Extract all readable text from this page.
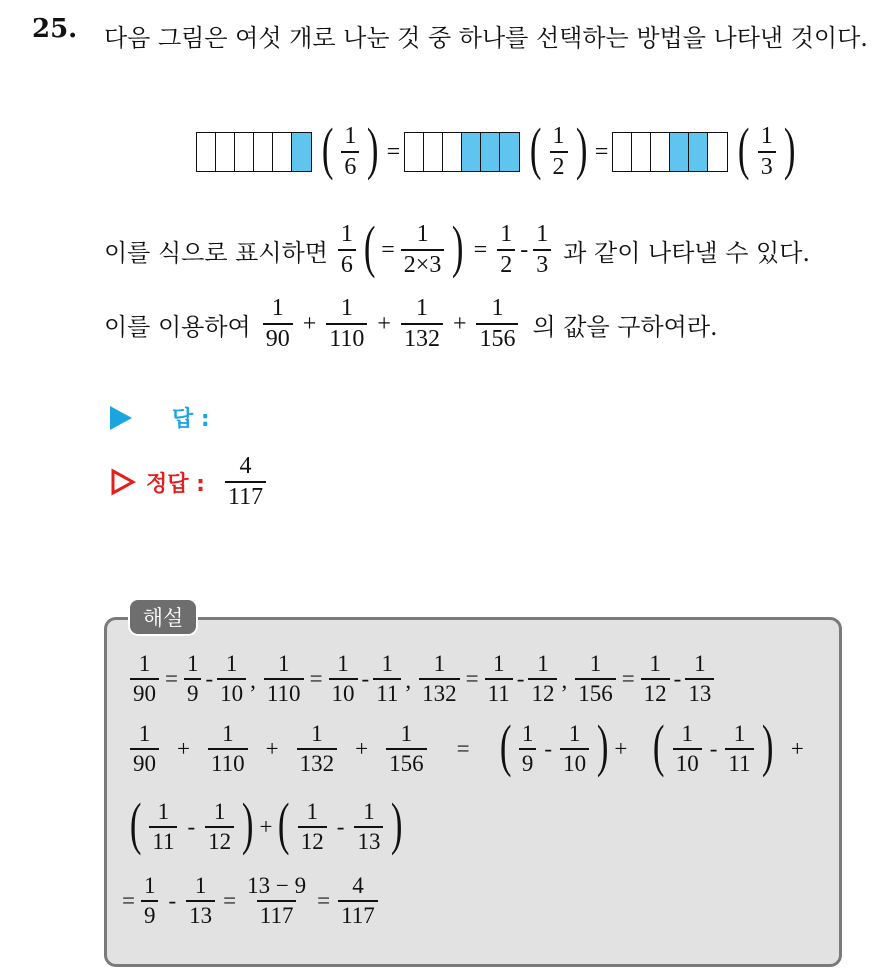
25. 다음 그림은 여섯 개로 나눈 것 중 하나를 선택하는 방법을 나타낸 것이다.
( $\frac{1}{6}$ ) = ( $\frac{1}{2}$ ) = ( $\frac{1}{3}$ )
이를 식으로 표시하면 $\frac{1}{6}$ ( = $\frac{1}{2\times 3}$ ) = $\frac{1}{2} - \frac{1}{3}$ 과 같이 나타낼 수 있다.
이를 이용하여 $\frac{1}{90} + \frac{1}{110} + \frac{1}{132} + \frac{1}{156}$ 의 값을 구하여라.
답 :
정답 : $\frac{4}{117}$
해설
$\frac{1}{90} = \frac{1}{9} - \frac{1}{10}$ , $\frac{1}{110} = \frac{1}{10} - \frac{1}{11}$ , $\frac{1}{132} = \frac{1}{11} - \frac{1}{12}$ , $\frac{1}{156} = \frac{1}{12} - \frac{1}{13}$
$\frac{1}{90} + \frac{1}{110} + \frac{1}{132} + \frac{1}{156}$ = ( $\frac{1}{9} - \frac{1}{10}$ ) + ( $\frac{1}{10} - \frac{1}{11}$ ) +
( $\frac{1}{11} - \frac{1}{12}$ ) + ( $\frac{1}{12} - \frac{1}{13}$ )
= $\frac{1}{9} - \frac{1}{13} = \frac{13 - 9}{117} = \frac{4}{117}$
